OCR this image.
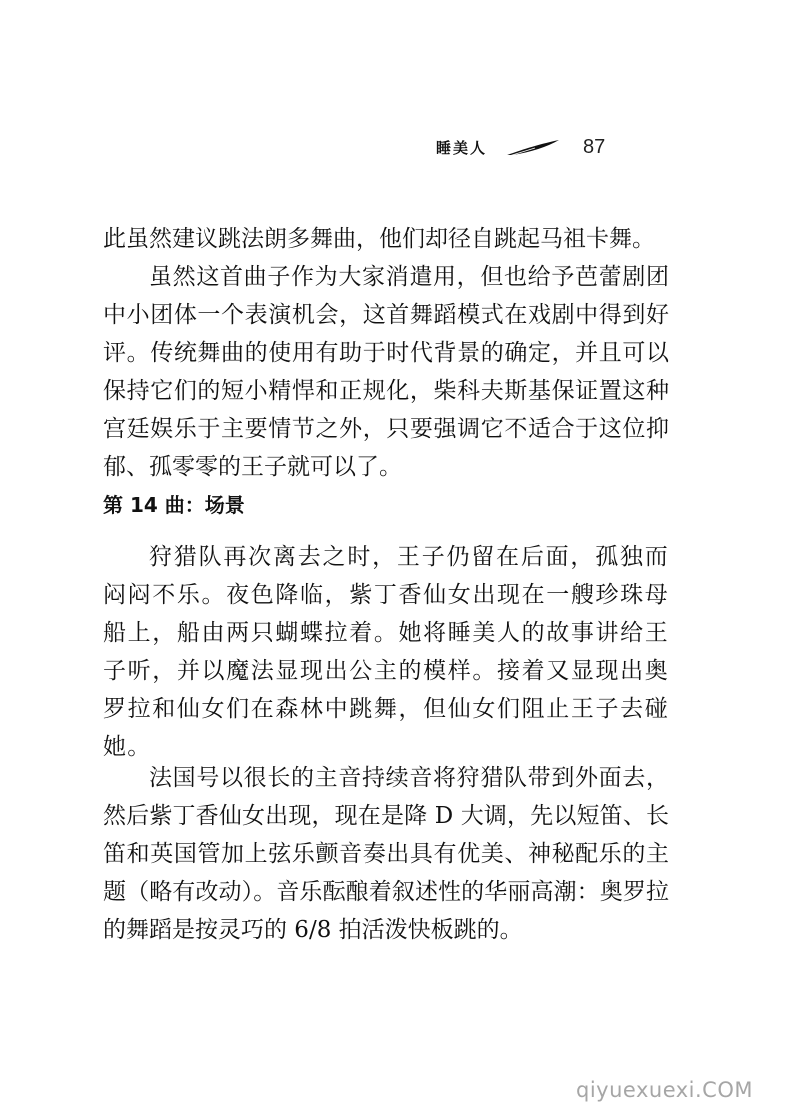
睡美人	87

此虽然建议跳法朗多舞曲，他们却径自跳起马祖卡舞。

虽然这首曲子作为大家消遣用，但也给予芭蕾剧团中小团体一个表演机会，这首舞蹈模式在戏剧中得到好评。传统舞曲的使用有助于时代背景的确定，并且可以保持它们的短小精悍和正规化，柴科夫斯基保证置这种宫廷娱乐于主要情节之外，只要强调它不适合于这位抑郁、孤零零的王子就可以了。

第 14 曲：场景

狩猎队再次离去之时，王子仍留在后面，孤独而闷闷不乐。夜色降临，紫丁香仙女出现在一艘珍珠母船上，船由两只蝴蝶拉着。她将睡美人的故事讲给王子听，并以魔法显现出公主的模样。接着又显现出奥罗拉和仙女们在森林中跳舞，但仙女们阻止王子去碰她。

法国号以很长的主音持续音将狩猎队带到外面去，然后紫丁香仙女出现，现在是降 D 大调，先以短笛、长笛和英国管加上弦乐颤音奏出具有优美、神秘配乐的主题（略有改动）。音乐酝酿着叙述性的华丽高潮：奥罗拉的舞蹈是按灵巧的 6/8 拍活泼快板跳的。

qiyuexuexi.COM
